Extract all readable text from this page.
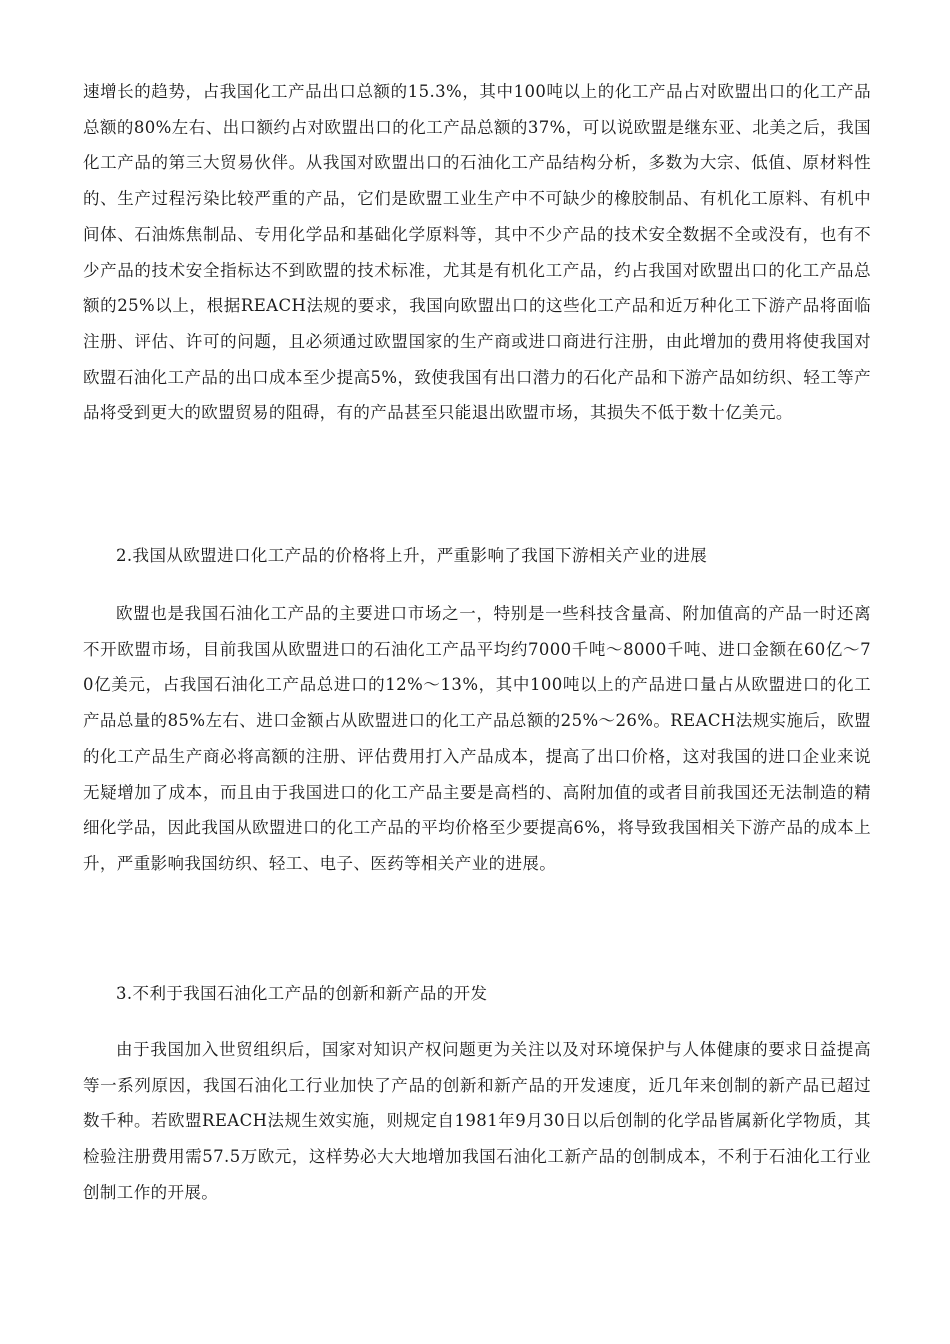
速增长的趋势，占我国化工产品出口总额的15.3%，其中100吨以上的化工产品占对欧盟出口的化工产品总额的80%左右、出口额约占对欧盟出口的化工产品总额的37%，可以说欧盟是继东亚、北美之后，我国化工产品的第三大贸易伙伴。从我国对欧盟出口的石油化工产品结构分析，多数为大宗、低值、原材料性的、生产过程污染比较严重的产品，它们是欧盟工业生产中不可缺少的橡胶制品、有机化工原料、有机中间体、石油炼焦制品、专用化学品和基础化学原料等，其中不少产品的技术安全数据不全或没有，也有不少产品的技术安全指标达不到欧盟的技术标准，尤其是有机化工产品，约占我国对欧盟出口的化工产品总额的25%以上，根据REACH法规的要求，我国向欧盟出口的这些化工产品和近万种化工下游产品将面临注册、评估、许可的问题，且必须通过欧盟国家的生产商或进口商进行注册，由此增加的费用将使我国对欧盟石油化工产品的出口成本至少提高5%，致使我国有出口潜力的石化产品和下游产品如纺织、轻工等产品将受到更大的欧盟贸易的阻碍，有的产品甚至只能退出欧盟市场，其损失不低于数十亿美元。

2.我国从欧盟进口化工产品的价格将上升，严重影响了我国下游相关产业的进展

欧盟也是我国石油化工产品的主要进口市场之一，特别是一些科技含量高、附加值高的产品一时还离不开欧盟市场，目前我国从欧盟进口的石油化工产品平均约7000千吨～8000千吨、进口金额在60亿～70亿美元，占我国石油化工产品总进口的12%～13%，其中100吨以上的产品进口量占从欧盟进口的化工产品总量的85%左右、进口金额占从欧盟进口的化工产品总额的25%～26%。REACH法规实施后，欧盟的化工产品生产商必将高额的注册、评估费用打入产品成本，提高了出口价格，这对我国的进口企业来说无疑增加了成本，而且由于我国进口的化工产品主要是高档的、高附加值的或者目前我国还无法制造的精细化学品，因此我国从欧盟进口的化工产品的平均价格至少要提高6%，将导致我国相关下游产品的成本上升，严重影响我国纺织、轻工、电子、医药等相关产业的进展。

3.不利于我国石油化工产品的创新和新产品的开发

由于我国加入世贸组织后，国家对知识产权问题更为关注以及对环境保护与人体健康的要求日益提高等一系列原因，我国石油化工行业加快了产品的创新和新产品的开发速度，近几年来创制的新产品已超过数千种。若欧盟REACH法规生效实施，则规定自1981年9月30日以后创制的化学品皆属新化学物质，其检验注册费用需57.5万欧元，这样势必大大地增加我国石油化工新产品的创制成本，不利于石油化工行业创制工作的开展。
